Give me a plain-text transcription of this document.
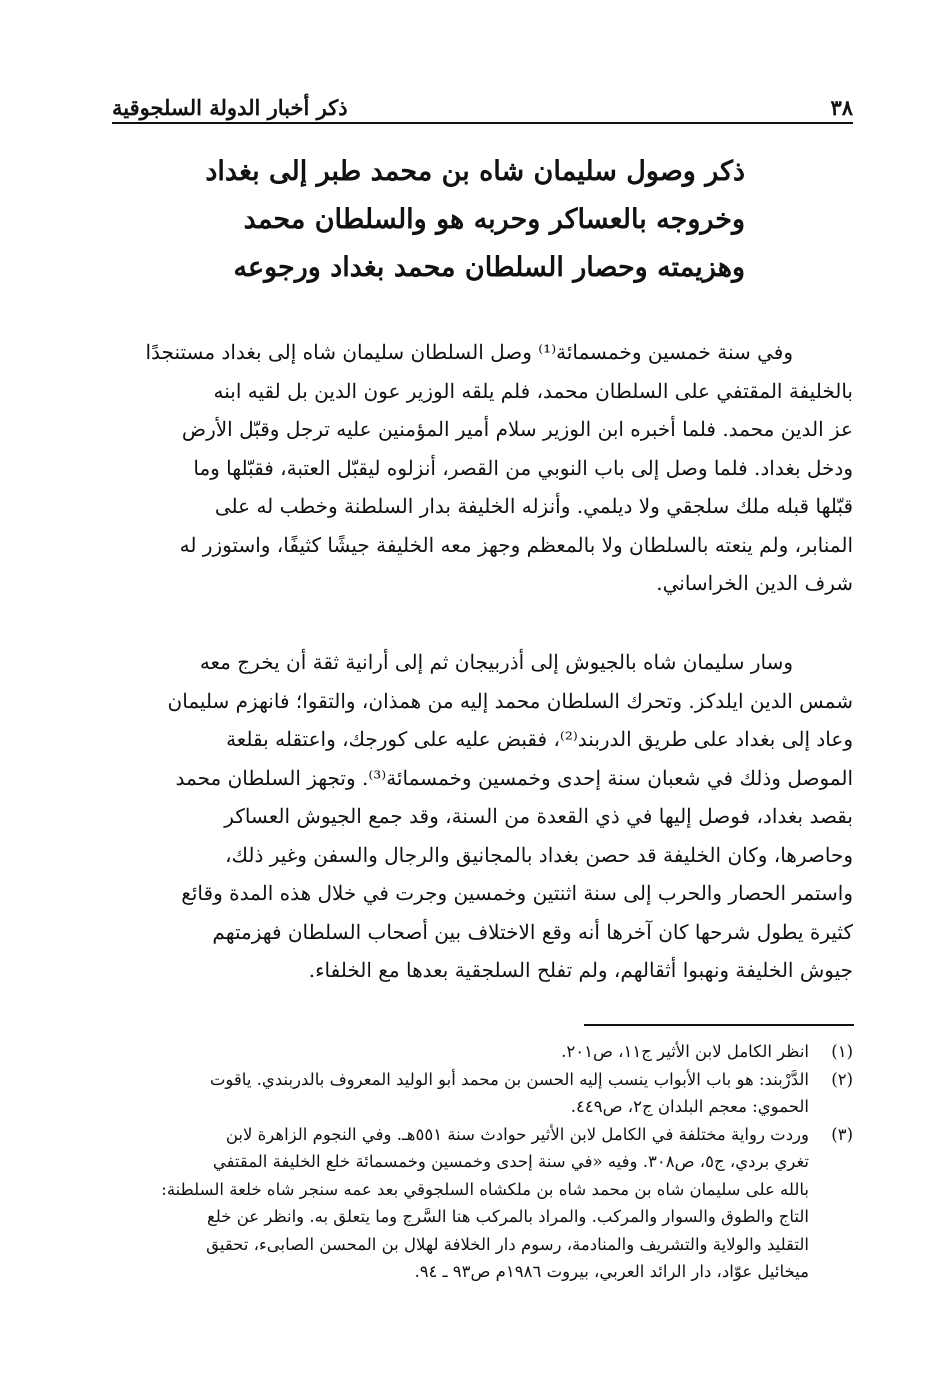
٣٨
ذكر أخبار الدولة السلجوقية
ذكر وصول سليمان شاه بن محمد طبر إلى بغداد
وخروجه بالعساكر وحربه هو والسلطان محمد
وهزيمته وحصار السلطان محمد بغداد ورجوعه

وفي سنة خمسين وخمسمائة⁽¹⁾ وصل السلطان سليمان شاه إلى بغداد مستنجدًا

بالخليفة المقتفي على السلطان محمد، فلم يلقه الوزير عون الدين بل لقيه ابنه

عز الدين محمد. فلما أخبره ابن الوزير سلام أمير المؤمنين عليه ترجل وقبّل الأرض

ودخل بغداد. فلما وصل إلى باب النوبي من القصر، أنزلوه ليقبّل العتبة، فقبّلها وما

قبّلها قبله ملك سلجقي ولا ديلمي. وأنزله الخليفة بدار السلطنة وخطب له على

المنابر، ولم ينعته بالسلطان ولا بالمعظم وجهز معه الخليفة جيشًا كثيفًا، واستوزر له

شرف الدين الخراساني.

وسار سليمان شاه بالجيوش إلى أذربيجان ثم إلى أرانية ثقة أن يخرج معه

شمس الدين ايلدكز. وتحرك السلطان محمد إليه من همذان، والتقوا؛ فانهزم سليمان

وعاد إلى بغداد على طريق الدربند⁽²⁾، فقبض عليه على كورجك، واعتقله بقلعة

الموصل وذلك في شعبان سنة إحدى وخمسين وخمسمائة⁽³⁾. وتجهز السلطان محمد

بقصد بغداد، فوصل إليها في ذي القعدة من السنة، وقد جمع الجيوش العساكر

وحاصرها، وكان الخليفة قد حصن بغداد بالمجانيق والرجال والسفن وغير ذلك،

واستمر الحصار والحرب إلى سنة اثنتين وخمسين وجرت في خلال هذه المدة وقائع

كثيرة يطول شرحها كان آخرها أنه وقع الاختلاف بين أصحاب السلطان فهزمتهم

جيوش الخليفة ونهبوا أثقالهم، ولم تفلح السلجقية بعدها مع الخلفاء.

(١)
انظر الكامل لابن الأثير ج١١، ص٢٠١.
(٢)
الدَّرْبند: هو باب الأبواب ينسب إليه الحسن بن محمد أبو الوليد المعروف بالدربندي. ياقوت
الحموي: معجم البلدان ج٢، ص٤٤٩.
(٣)
وردت رواية مختلفة في الكامل لابن الأثير حوادث سنة ٥٥١هـ. وفي النجوم الزاهرة لابن
تغري بردي، ج٥، ص٣٠٨. وفيه «في سنة إحدى وخمسين وخمسمائة خلع الخليفة المقتفي
بالله على سليمان شاه بن محمد شاه بن ملكشاه السلجوقي بعد عمه سنجر شاه خلعة السلطنة:
التاج والطوق والسوار والمركب. والمراد بالمركب هنا السَّرج وما يتعلق به. وانظر عن خلع
التقليد والولاية والتشريف والمنادمة، رسوم دار الخلافة لهلال بن المحسن الصابىء، تحقيق
ميخائيل عوّاد، دار الرائد العربي، بيروت ١٩٨٦م ص٩٣ ـ ٩٤.
